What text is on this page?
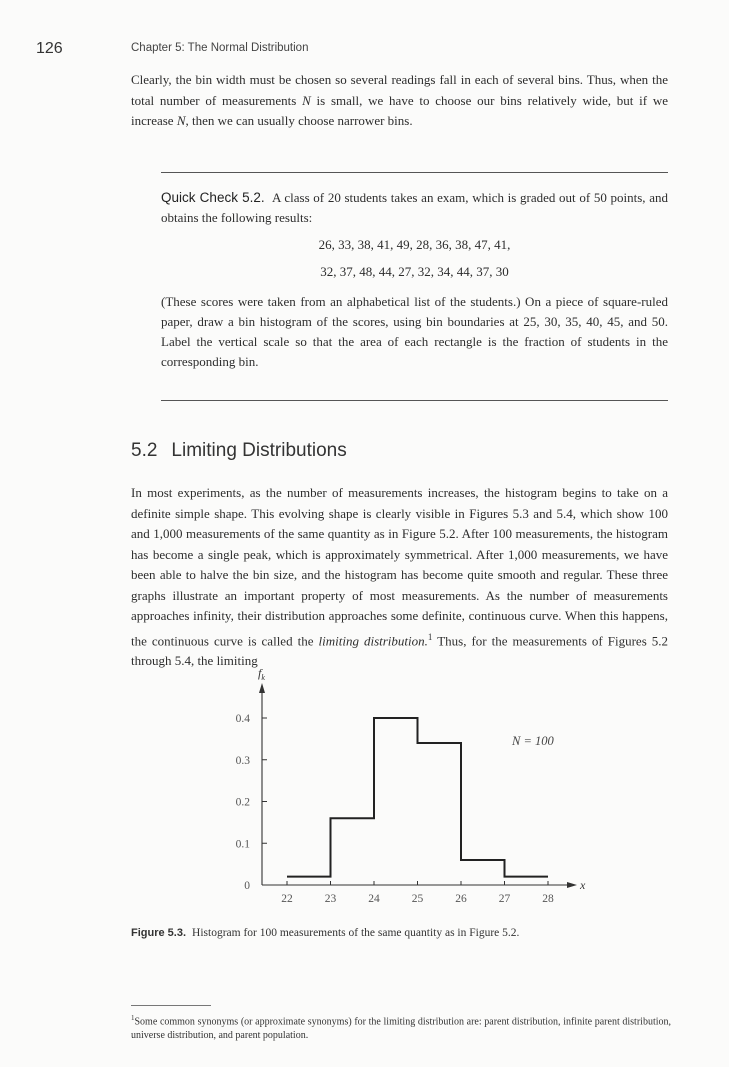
126	Chapter 5: The Normal Distribution
Clearly, the bin width must be chosen so several readings fall in each of several bins. Thus, when the total number of measurements N is small, we have to choose our bins relatively wide, but if we increase N, then we can usually choose narrower bins.
Quick Check 5.2. A class of 20 students takes an exam, which is graded out of 50 points, and obtains the following results:
26, 33, 38, 41, 49, 28, 36, 38, 47, 41,
32, 37, 48, 44, 27, 32, 34, 44, 37, 30
(These scores were taken from an alphabetical list of the students.) On a piece of square-ruled paper, draw a bin histogram of the scores, using bin boundaries at 25, 30, 35, 40, 45, and 50. Label the vertical scale so that the area of each rectangle is the fraction of students in the corresponding bin.
5.2 Limiting Distributions
In most experiments, as the number of measurements increases, the histogram begins to take on a definite simple shape. This evolving shape is clearly visible in Figures 5.3 and 5.4, which show 100 and 1,000 measurements of the same quantity as in Figure 5.2. After 100 measurements, the histogram has become a single peak, which is approximately symmetrical. After 1,000 measurements, we have been able to halve the bin size, and the histogram has become quite smooth and regular. These three graphs illustrate an important property of most measurements. As the number of measurements approaches infinity, their distribution approaches some definite, continuous curve. When this happens, the continuous curve is called the limiting distribution.$^1$ Thus, for the measurements of Figures 5.2 through 5.4, the limiting
$f_k$
x
0
0.1
0.2
0.3
0.4
22	23	24	25	26	27	28
N = 100
Figure 5.3. Histogram for 100 measurements of the same quantity as in Figure 5.2.
$^1$Some common synonyms (or approximate synonyms) for the limiting distribution are: parent distribution, infinite parent distribution, universe distribution, and parent population.
